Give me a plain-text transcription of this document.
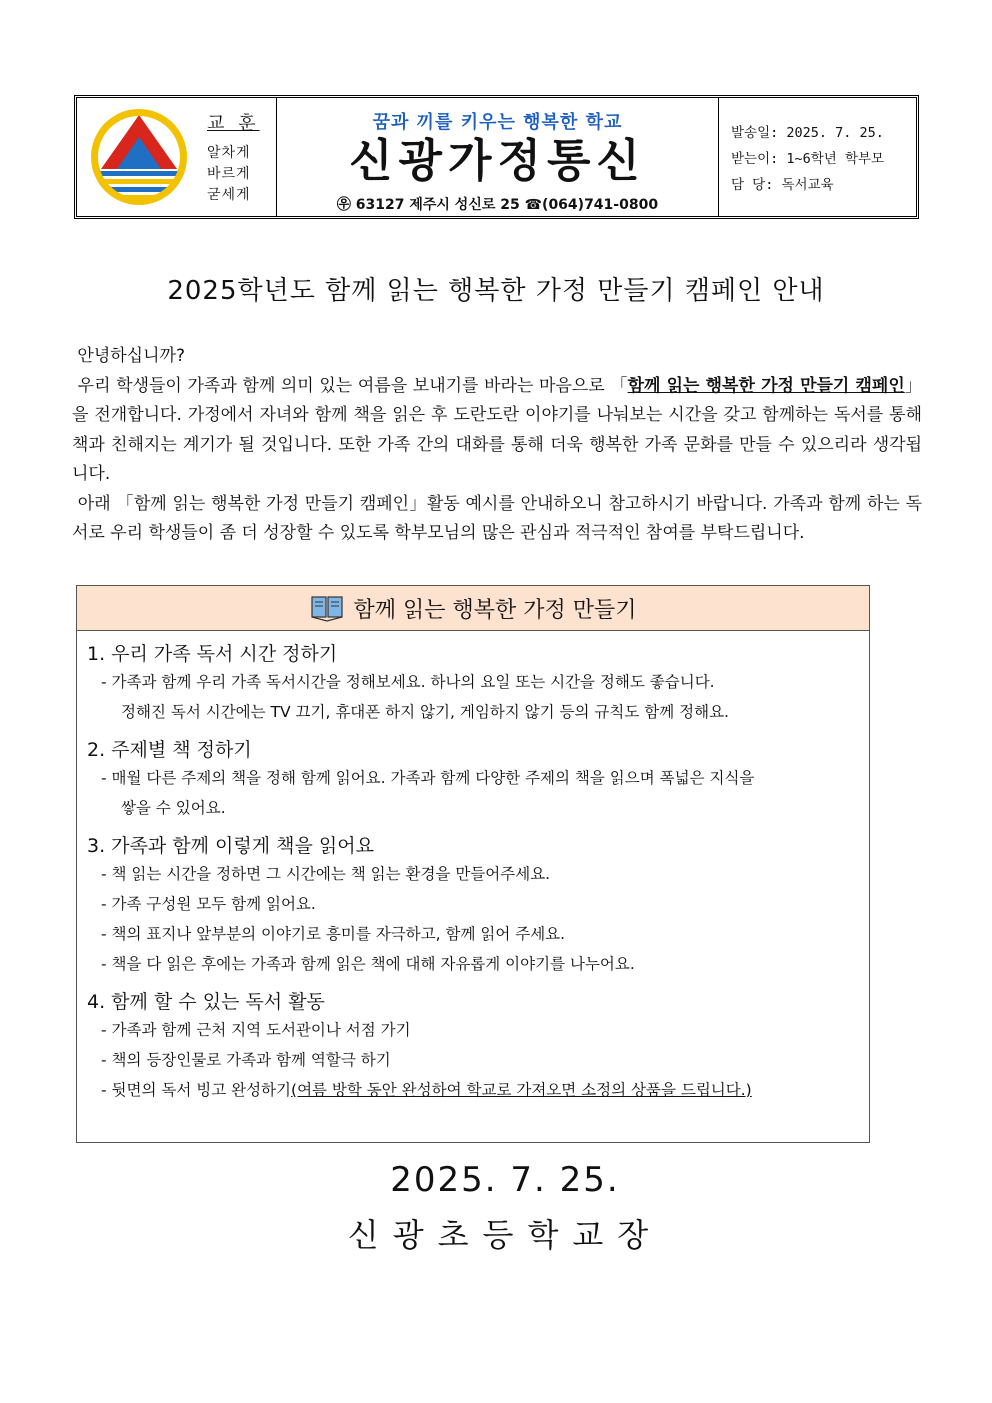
교 훈
알차게
바르게
굳세게
꿈과 끼를 키우는 행복한 학교
신광가정통신
㉾ 63127 제주시 성신로 25 ☎(064)741-0800
발송일: 2025. 7. 25.
받는이: 1~6학년 학부모
담 당: 독서교육
2025학년도 함께 읽는 행복한 가정 만들기 캠페인 안내

안녕하십니까?

우리 학생들이 가족과 함께 의미 있는 여름을 보내기를 바라는 마음으로 「함께 읽는 행복한 가정 만들기 캠페인」을 전개합니다. 가정에서 자녀와 함께 책을 읽은 후 도란도란 이야기를 나눠보는 시간을 갖고 함께하는 독서를 통해 책과 친해지는 계기가 될 것입니다. 또한 가족 간의 대화를 통해 더욱 행복한 가족 문화를 만들 수 있으리라 생각됩니다.

아래 「함께 읽는 행복한 가정 만들기 캠페인」활동 예시를 안내하오니 참고하시기 바랍니다. 가족과 함께 하는 독서로 우리 학생들이 좀 더 성장할 수 있도록 학부모님의 많은 관심과 적극적인 참여를 부탁드립니다.

함께 읽는 행복한 가정 만들기
1. 우리 가족 독서 시간 정하기
- 가족과 함께 우리 가족 독서시간을 정해보세요. 하나의 요일 또는 시간을 정해도 좋습니다.
정해진 독서 시간에는 TV 끄기, 휴대폰 하지 않기, 게임하지 않기 등의 규칙도 함께 정해요.
2. 주제별 책 정하기
- 매월 다른 주제의 책을 정해 함께 읽어요. 가족과 함께 다양한 주제의 책을 읽으며 폭넓은 지식을
쌓을 수 있어요.
3. 가족과 함께 이렇게 책을 읽어요
- 책 읽는 시간을 정하면 그 시간에는 책 읽는 환경을 만들어주세요.
- 가족 구성원 모두 함께 읽어요.
- 책의 표지나 앞부분의 이야기로 흥미를 자극하고, 함께 읽어 주세요.
- 책을 다 읽은 후에는 가족과 함께 읽은 책에 대해 자유롭게 이야기를 나누어요.
4. 함께 할 수 있는 독서 활동
- 가족과 함께 근처 지역 도서관이나 서점 가기
- 책의 등장인물로 가족과 함께 역할극 하기
- 뒷면의 독서 빙고 완성하기(여름 방학 동안 완성하여 학교로 가져오면 소정의 상품을 드립니다.)
2025. 7. 25.
신광초등학교장
